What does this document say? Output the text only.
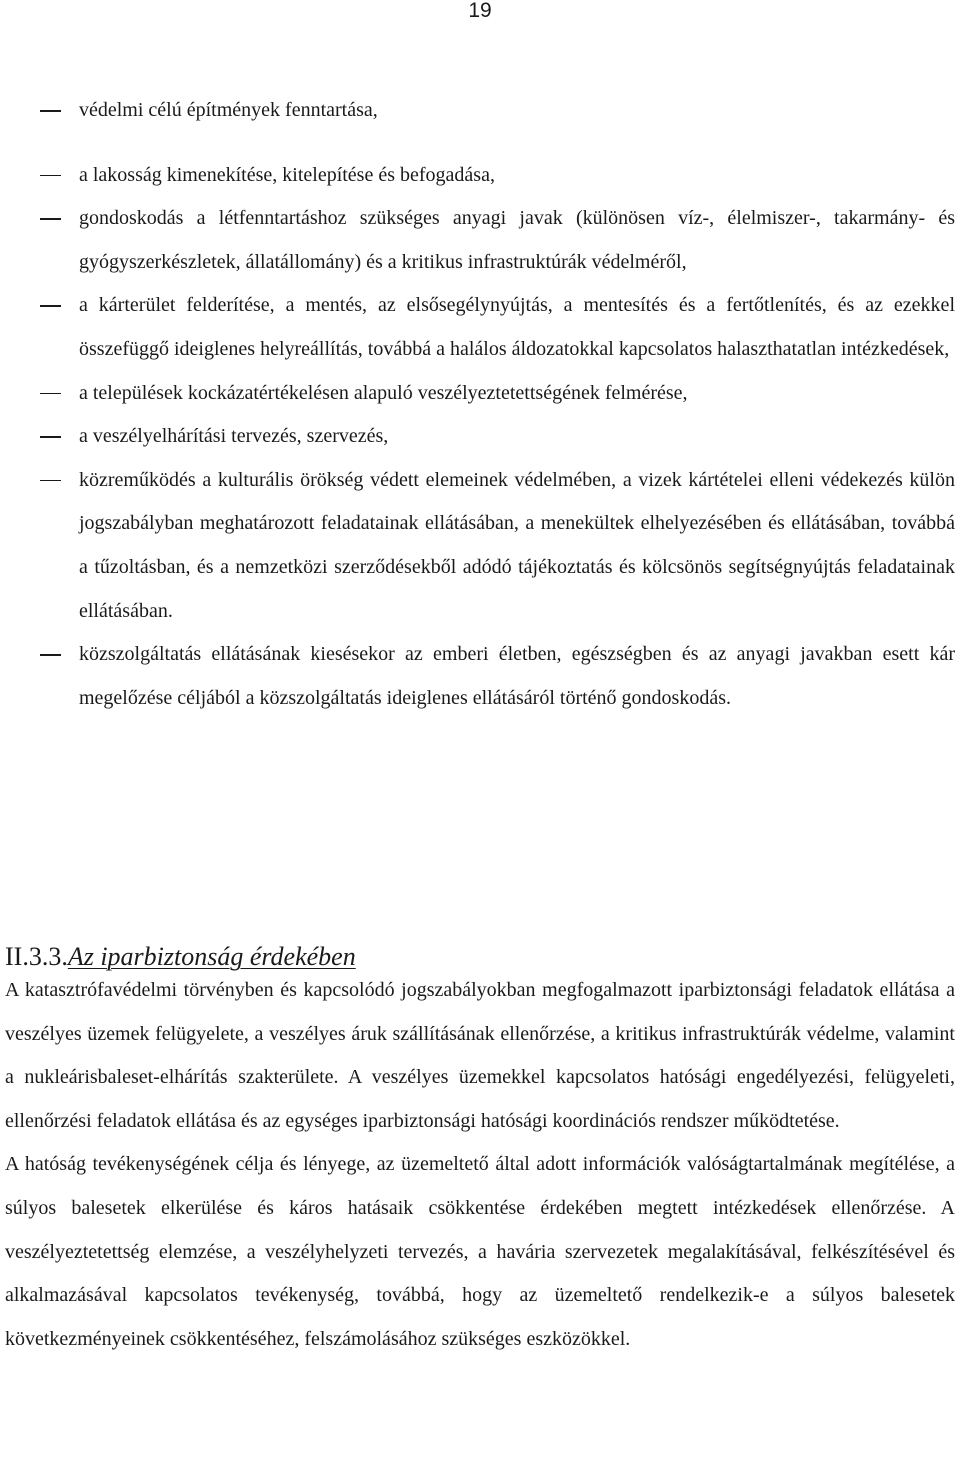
19
védelmi célú építmények fenntartása,
a lakosság kimenekítése, kitelepítése és befogadása,
gondoskodás a létfenntartáshoz szükséges anyagi javak (különösen víz-, élelmiszer-, takarmány- és gyógyszerkészletek, állatállomány) és a kritikus infrastruktúrák védelméről,
a kárterület felderítése, a mentés, az elsősegélynyújtás, a mentesítés és a fertőtlenítés, és az ezekkel összefüggő ideiglenes helyreállítás, továbbá a halálos áldozatokkal kapcsolatos halaszthatatlan intézkedések,
a települések kockázatértékelésen alapuló veszélyeztetettségének felmérése,
a veszélyelhárítási tervezés, szervezés,
közreműködés a kulturális örökség védett elemeinek védelmében, a vizek kártételei elleni védekezés külön jogszabályban meghatározott feladatainak ellátásában, a menekültek elhelyezésében és ellátásában, továbbá a tűzoltásban, és a nemzetközi szerződésekből adódó tájékoztatás és kölcsönös segítségnyújtás feladatainak ellátásában.
közszolgáltatás ellátásának kiesésekor az emberi életben, egészségben és az anyagi javakban esett kár megelőzése céljából a közszolgáltatás ideiglenes ellátásáról történő gondoskodás.
II.3.3.Az iparbiztonság érdekében

A katasztrófavédelmi törvényben és kapcsolódó jogszabályokban megfogalmazott iparbiztonsági feladatok ellátása a veszélyes üzemek felügyelete, a veszélyes áruk szállításának ellenőrzése, a kritikus infrastruktúrák védelme, valamint a nukleárisbaleset-elhárítás szakterülete. A veszélyes üzemekkel kapcsolatos hatósági engedélyezési, felügyeleti, ellenőrzési feladatok ellátása és az egységes iparbiztonsági hatósági koordinációs rendszer működtetése.

A hatóság tevékenységének célja és lényege, az üzemeltető által adott információk valóságtartalmának megítélése, a súlyos balesetek elkerülése és káros hatásaik csökkentése érdekében megtett intézkedések ellenőrzése. A veszélyeztetettség elemzése, a veszélyhelyzeti tervezés, a havária szervezetek megalakításával, felkészítésével és alkalmazásával kapcsolatos tevékenység, továbbá, hogy az üzemeltető rendelkezik-e a súlyos balesetek következményeinek csökkentéséhez, felszámolásához szükséges eszközökkel.
